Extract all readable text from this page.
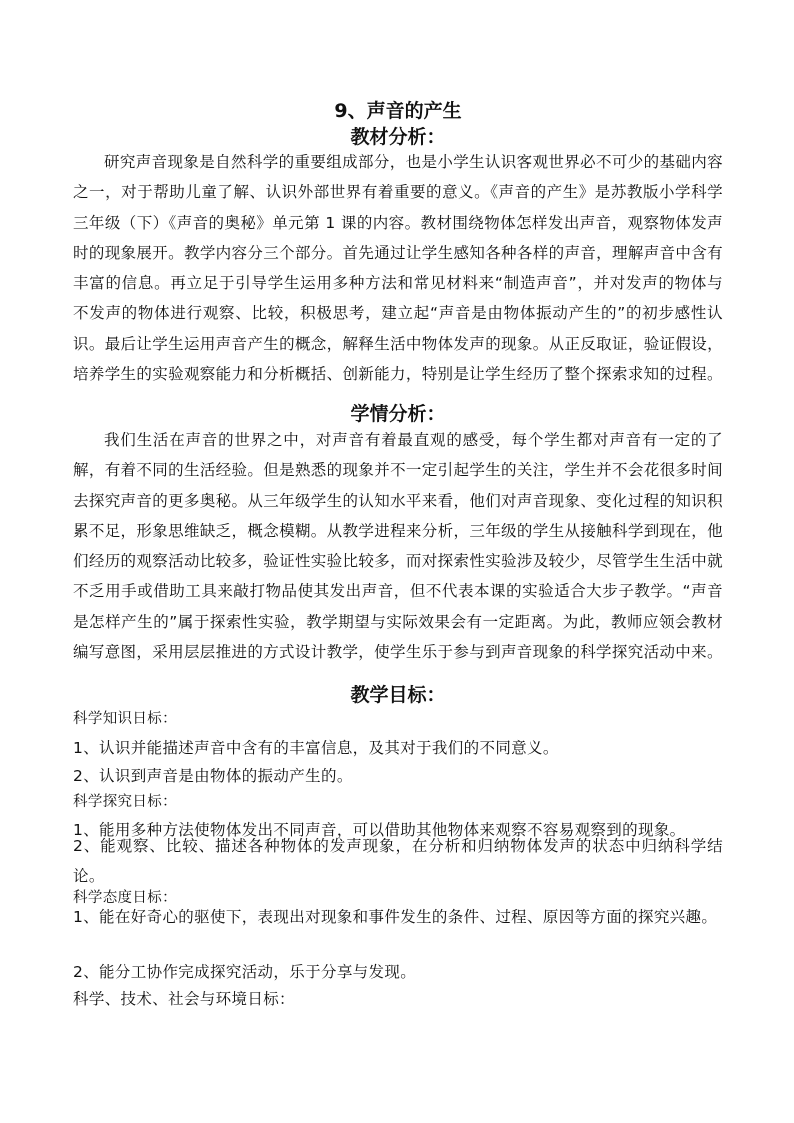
9、声音的产生
教材分析：

研究声音现象是自然科学的重要组成部分，也是小学生认识客观世界必不可少的基础内容之一，对于帮助儿童了解、认识外部世界有着重要的意义。《声音的产生》是苏教版小学科学三年级（下）《声音的奥秘》单元第 1 课的内容。教材围绕物体怎样发出声音，观察物体发声时的现象展开。教学内容分三个部分。首先通过让学生感知各种各样的声音，理解声音中含有丰富的信息。再立足于引导学生运用多种方法和常见材料来“制造声音”，并对发声的物体与不发声的物体进行观察、比较，积极思考，建立起“声音是由物体振动产生的”的初步感性认识。最后让学生运用声音产生的概念，解释生活中物体发声的现象。从正反取证，验证假设，培养学生的实验观察能力和分析概括、创新能力，特别是让学生经历了整个探索求知的过程。

学情分析：

我们生活在声音的世界之中，对声音有着最直观的感受，每个学生都对声音有一定的了解，有着不同的生活经验。但是熟悉的现象并不一定引起学生的关注，学生并不会花很多时间去探究声音的更多奥秘。从三年级学生的认知水平来看，他们对声音现象、变化过程的知识积累不足，形象思维缺乏，概念模糊。从教学进程来分析，三年级的学生从接触科学到现在，他们经历的观察活动比较多，验证性实验比较多，而对探索性实验涉及较少，尽管学生生活中就不乏用手或借助工具来敲打物品使其发出声音，但不代表本课的实验适合大步子教学。“声音是怎样产生的”属于探索性实验，教学期望与实际效果会有一定距离。为此，教师应领会教材编写意图，采用层层推进的方式设计教学，使学生乐于参与到声音现象的科学探究活动中来。

教学目标：
科学知识日标：
1、认识并能描述声音中含有的丰富信息，及其对于我们的不同意义。
2、认识到声音是由物体的振动产生的。
科学探究日标：
1、能用多种方法使物体发出不同声音，可以借助其他物体来观察不容易观察到的现象。
2、能观察、比较、描述各种物体的发声现象，在分析和归纳物体发声的状态中归纳科学结论。
科学态度日标：
1、能在好奇心的驱使下，表现出对现象和事件发生的条件、过程、原因等方面的探究兴趣。
2、能分工协作完成探究活动，乐于分享与发现。
科学、技术、社会与环境日标：
